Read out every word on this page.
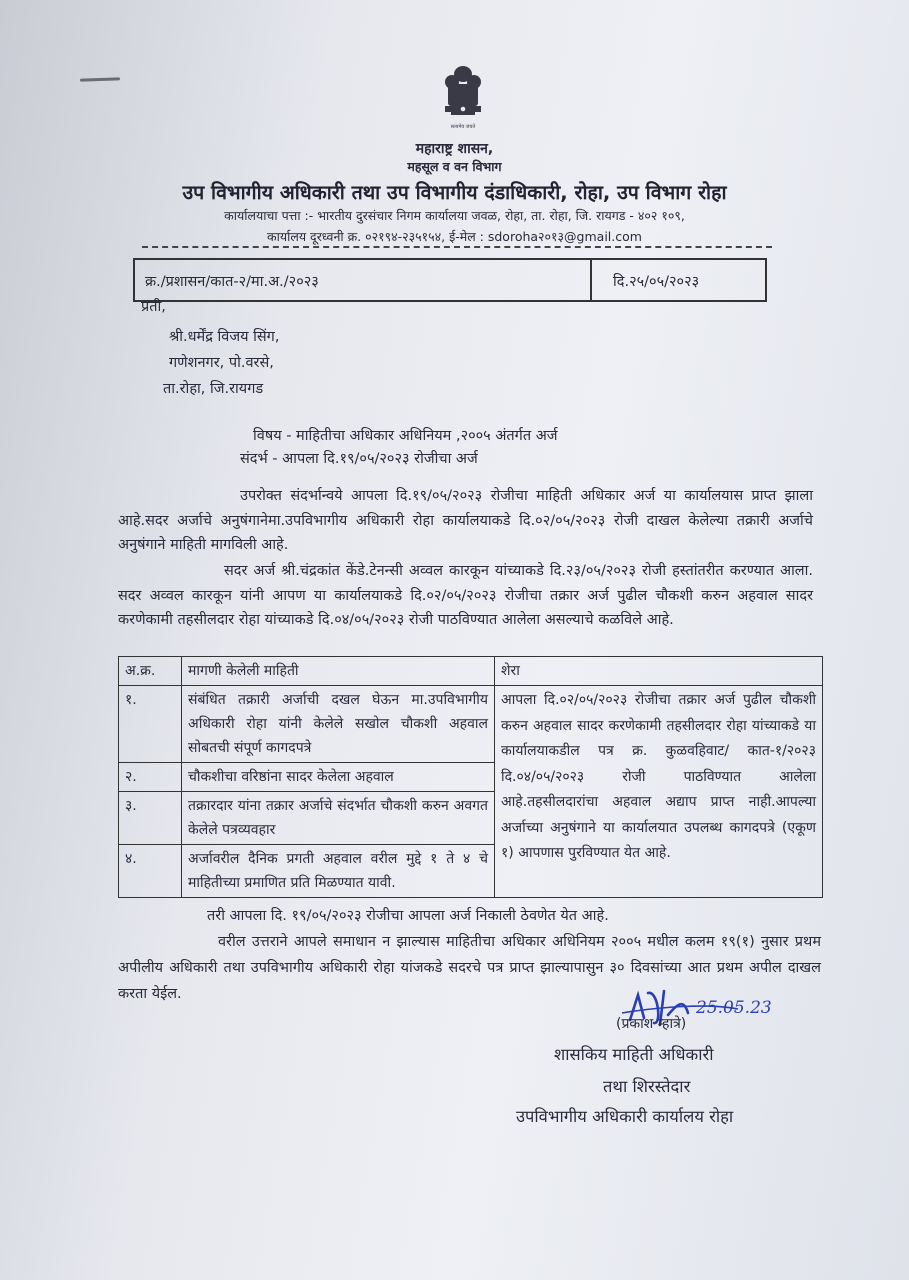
सत्यमेव जयते
महाराष्ट्र शासन,
महसूल व वन विभाग
उप विभागीय अधिकारी तथा उप विभागीय दंडाधिकारी, रोहा, उप विभाग रोहा
कार्यालयाचा पत्ता :- भारतीय दुरसंचार निगम कार्यालया जवळ, रोहा, ता. रोहा, जि. रायगड - ४०२ १०९,
कार्यालय दूरध्वनी क्र. ०२१९४-२३५१५४, ई-मेल : sdoroha२०१३@gmail.com
क्र./प्रशासन/कात-२/मा.अ./२०२३	दि.२५/०५/२०२३
प्रती,
श्री.धर्मेंद्र विजय सिंग,
गणेशनगर, पो.वरसे,
ता.रोहा, जि.रायगड
विषय - माहितीचा अधिकार अधिनियम ,२००५ अंतर्गत अर्ज
संदर्भ - आपला दि.१९/०५/२०२३ रोजीचा अर्ज
उपरोक्त संदर्भान्वये आपला दि.१९/०५/२०२३ रोजीचा माहिती अधिकार अर्ज या कार्यालयास प्राप्त झाला आहे.सदर अर्जाचे अनुषंगानेमा.उपविभागीय अधिकारी रोहा कार्यालयाकडे दि.०२/०५/२०२३ रोजी दाखल केलेल्या तक्रारी अर्जाचे अनुषंगाने माहिती मागविली आहे.
सदर अर्ज श्री.चंद्रकांत केंडे.टेनन्सी अव्वल कारकून यांच्याकडे दि.२३/०५/२०२३ रोजी हस्तांतरीत करण्यात आला. सदर अव्वल कारकून यांनी आपण या कार्यालयाकडे दि.०२/०५/२०२३ रोजीचा तक्रार अर्ज पुढील चौकशी करुन अहवाल सादर करणेकामी तहसीलदार रोहा यांच्याकडे दि.०४/०५/२०२३ रोजी पाठविण्यात आलेला असल्याचे कळविले आहे.
अ.क्र.	मागणी केलेली माहिती	शेरा
१.	संबंधित तक्रारी अर्जाची दखल घेऊन मा.उपविभागीय अधिकारी रोहा यांनी केलेले सखोल चौकशी अहवाल सोबतची संपूर्ण कागदपत्रे	आपला दि.०२/०५/२०२३ रोजीचा तक्रार अर्ज पुढील चौकशी करुन अहवाल सादर करणेकामी तहसीलदार रोहा यांच्याकडे या कार्यालयाकडील पत्र क्र. कुळवहिवाट/ कात-१/२०२३ दि.०४/०५/२०२३ रोजी पाठविण्यात आलेला आहे.तहसीलदारांचा अहवाल अद्याप प्राप्त नाही.आपल्या अर्जाच्या अनुषंगाने या कार्यालयात उपलब्ध कागदपत्रे (एकूण १) आपणास पुरविण्यात येत आहे.
२.	चौकशीचा वरिष्ठांना सादर केलेला अहवाल	
३.	तक्रारदार यांना तक्रार अर्जाचे संदर्भात चौकशी करुन अवगत केलेले पत्रव्यवहार	
४.	अर्जावरील दैनिक प्रगती अहवाल वरील मुद्दे १ ते ४ चे माहितीच्या प्रमाणित प्रति मिळण्यात यावी.	
तरी आपला दि. १९/०५/२०२३ रोजीचा आपला अर्ज निकाली ठेवणेत येत आहे.
वरील उत्तराने आपले समाधान न झाल्यास माहितीचा अधिकार अधिनियम २००५ मधील कलम १९(१) नुसार प्रथम अपीलीय अधिकारी तथा उपविभागीय अधिकारी रोहा यांजकडे सदरचे पत्र प्राप्त झाल्यापासुन ३० दिवसांच्या आत प्रथम अपील दाखल करता येईल.
25.05.23
(प्रकाश म्हात्रे)
शासकिय माहिती अधिकारी
तथा शिरस्तेदार
उपविभागीय अधिकारी कार्यालय रोहा
